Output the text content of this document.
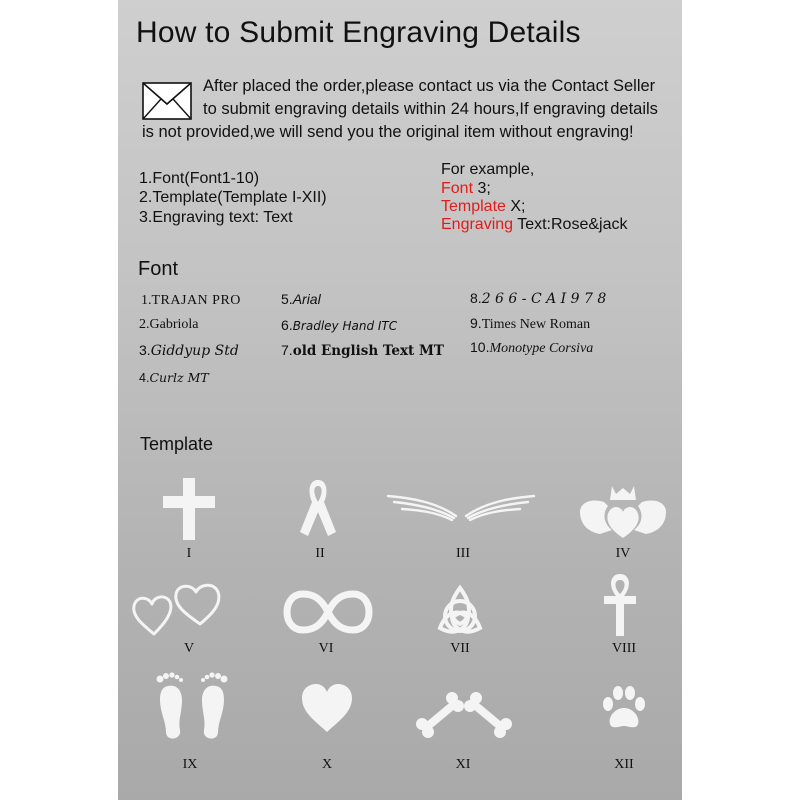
How to Submit Engraving Details
After placed the order,please contact us via the Contact Seller
to submit engraving details within 24 hours,If engraving details
is not provided,we will send you the original item without engraving!
1.Font(Font1-10)
2.Template(Template I-XII)
3.Engraving text: Text
For example,
Font 3;
Template X;
Engraving Text:Rose&jack
Font
1.TRAJAN PRO
2.Gabriola
3.Giddyup Std
4.Curlz MT
5.Arial
6.Bradley Hand ITC
7.old English Text MT
8.2 6 6 - C A I 9 7 8
9.Times New Roman
10.Monotype Corsiva
Template
I	II	III	IV
V	VI	VII	VIII
IX	X	XI	XII
